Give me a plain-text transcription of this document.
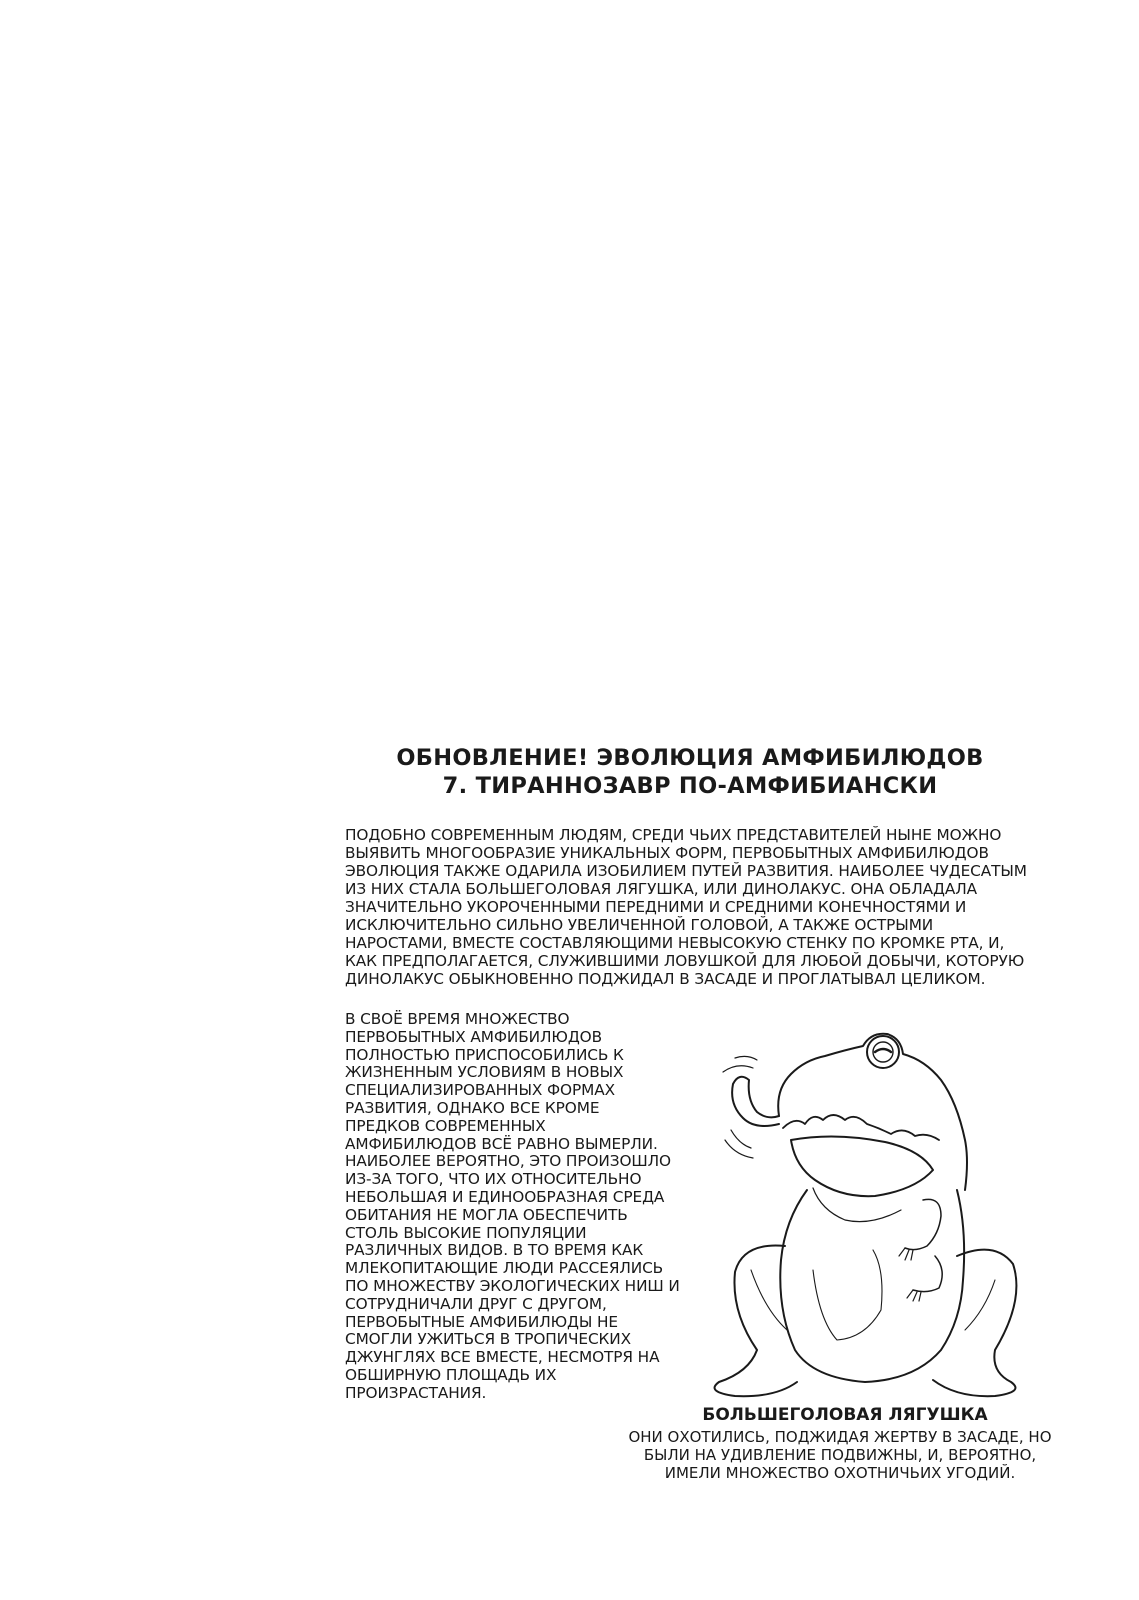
ОБНОВЛЕНИЕ! ЭВОЛЮЦИЯ АМФИБИЛЮДОВ
7. ТИРАННОЗАВР ПО-АМФИБИАНСКИ
ПОДОБНО СОВРЕМЕННЫМ ЛЮДЯМ, СРЕДИ ЧЬИХ ПРЕДСТАВИТЕЛЕЙ НЫНЕ МОЖНО
ВЫЯВИТЬ МНОГООБРАЗИЕ УНИКАЛЬНЫХ ФОРМ, ПЕРВОБЫТНЫХ АМФИБИЛЮДОВ
ЭВОЛЮЦИЯ ТАКЖЕ ОДАРИЛА ИЗОБИЛИЕМ ПУТЕЙ РАЗВИТИЯ. НАИБОЛЕЕ ЧУДЕСАТЫМ
ИЗ НИХ СТАЛА БОЛЬШЕГОЛОВАЯ ЛЯГУШКА, ИЛИ ДИНОЛАКУС. ОНА ОБЛАДАЛА
ЗНАЧИТЕЛЬНО УКОРОЧЕННЫМИ ПЕРЕДНИМИ И СРЕДНИМИ КОНЕЧНОСТЯМИ И
ИСКЛЮЧИТЕЛЬНО СИЛЬНО УВЕЛИЧЕННОЙ ГОЛОВОЙ, А ТАКЖЕ ОСТРЫМИ
НАРОСТАМИ, ВМЕСТЕ СОСТАВЛЯЮЩИМИ НЕВЫСОКУЮ СТЕНКУ ПО КРОМКЕ РТА, И,
КАК ПРЕДПОЛАГАЕТСЯ, СЛУЖИВШИМИ ЛОВУШКОЙ ДЛЯ ЛЮБОЙ ДОБЫЧИ, КОТОРУЮ
ДИНОЛАКУС ОБЫКНОВЕННО ПОДЖИДАЛ В ЗАСАДЕ И ПРОГЛАТЫВАЛ ЦЕЛИКОМ.
В СВОЁ ВРЕМЯ МНОЖЕСТВО
ПЕРВОБЫТНЫХ АМФИБИЛЮДОВ
ПОЛНОСТЬЮ ПРИСПОСОБИЛИСЬ К
ЖИЗНЕННЫМ УСЛОВИЯМ В НОВЫХ
СПЕЦИАЛИЗИРОВАННЫХ ФОРМАХ
РАЗВИТИЯ, ОДНАКО ВСЕ КРОМЕ
ПРЕДКОВ СОВРЕМЕННЫХ
АМФИБИЛЮДОВ ВСЁ РАВНО ВЫМЕРЛИ.
НАИБОЛЕЕ ВЕРОЯТНО, ЭТО ПРОИЗОШЛО
ИЗ-ЗА ТОГО, ЧТО ИХ ОТНОСИТЕЛЬНО
НЕБОЛЬШАЯ И ЕДИНООБРАЗНАЯ СРЕДА
ОБИТАНИЯ НЕ МОГЛА ОБЕСПЕЧИТЬ
СТОЛЬ ВЫСОКИЕ ПОПУЛЯЦИИ
РАЗЛИЧНЫХ ВИДОВ. В ТО ВРЕМЯ КАК
МЛЕКОПИТАЮЩИЕ ЛЮДИ РАССЕЯЛИСЬ
ПО МНОЖЕСТВУ ЭКОЛОГИЧЕСКИХ НИШ И
СОТРУДНИЧАЛИ ДРУГ С ДРУГОМ,
ПЕРВОБЫТНЫЕ АМФИБИЛЮДЫ НЕ
СМОГЛИ УЖИТЬСЯ В ТРОПИЧЕСКИХ
ДЖУНГЛЯХ ВСЕ ВМЕСТЕ, НЕСМОТРЯ НА
ОБШИРНУЮ ПЛОЩАДЬ ИХ
ПРОИЗРАСТАНИЯ.
БОЛЬШЕГОЛОВАЯ ЛЯГУШКА
ОНИ ОХОТИЛИСЬ, ПОДЖИДАЯ ЖЕРТВУ В ЗАСАДЕ, НО
БЫЛИ НА УДИВЛЕНИЕ ПОДВИЖНЫ, И, ВЕРОЯТНО,
ИМЕЛИ МНОЖЕСТВО ОХОТНИЧЬИХ УГОДИЙ.
